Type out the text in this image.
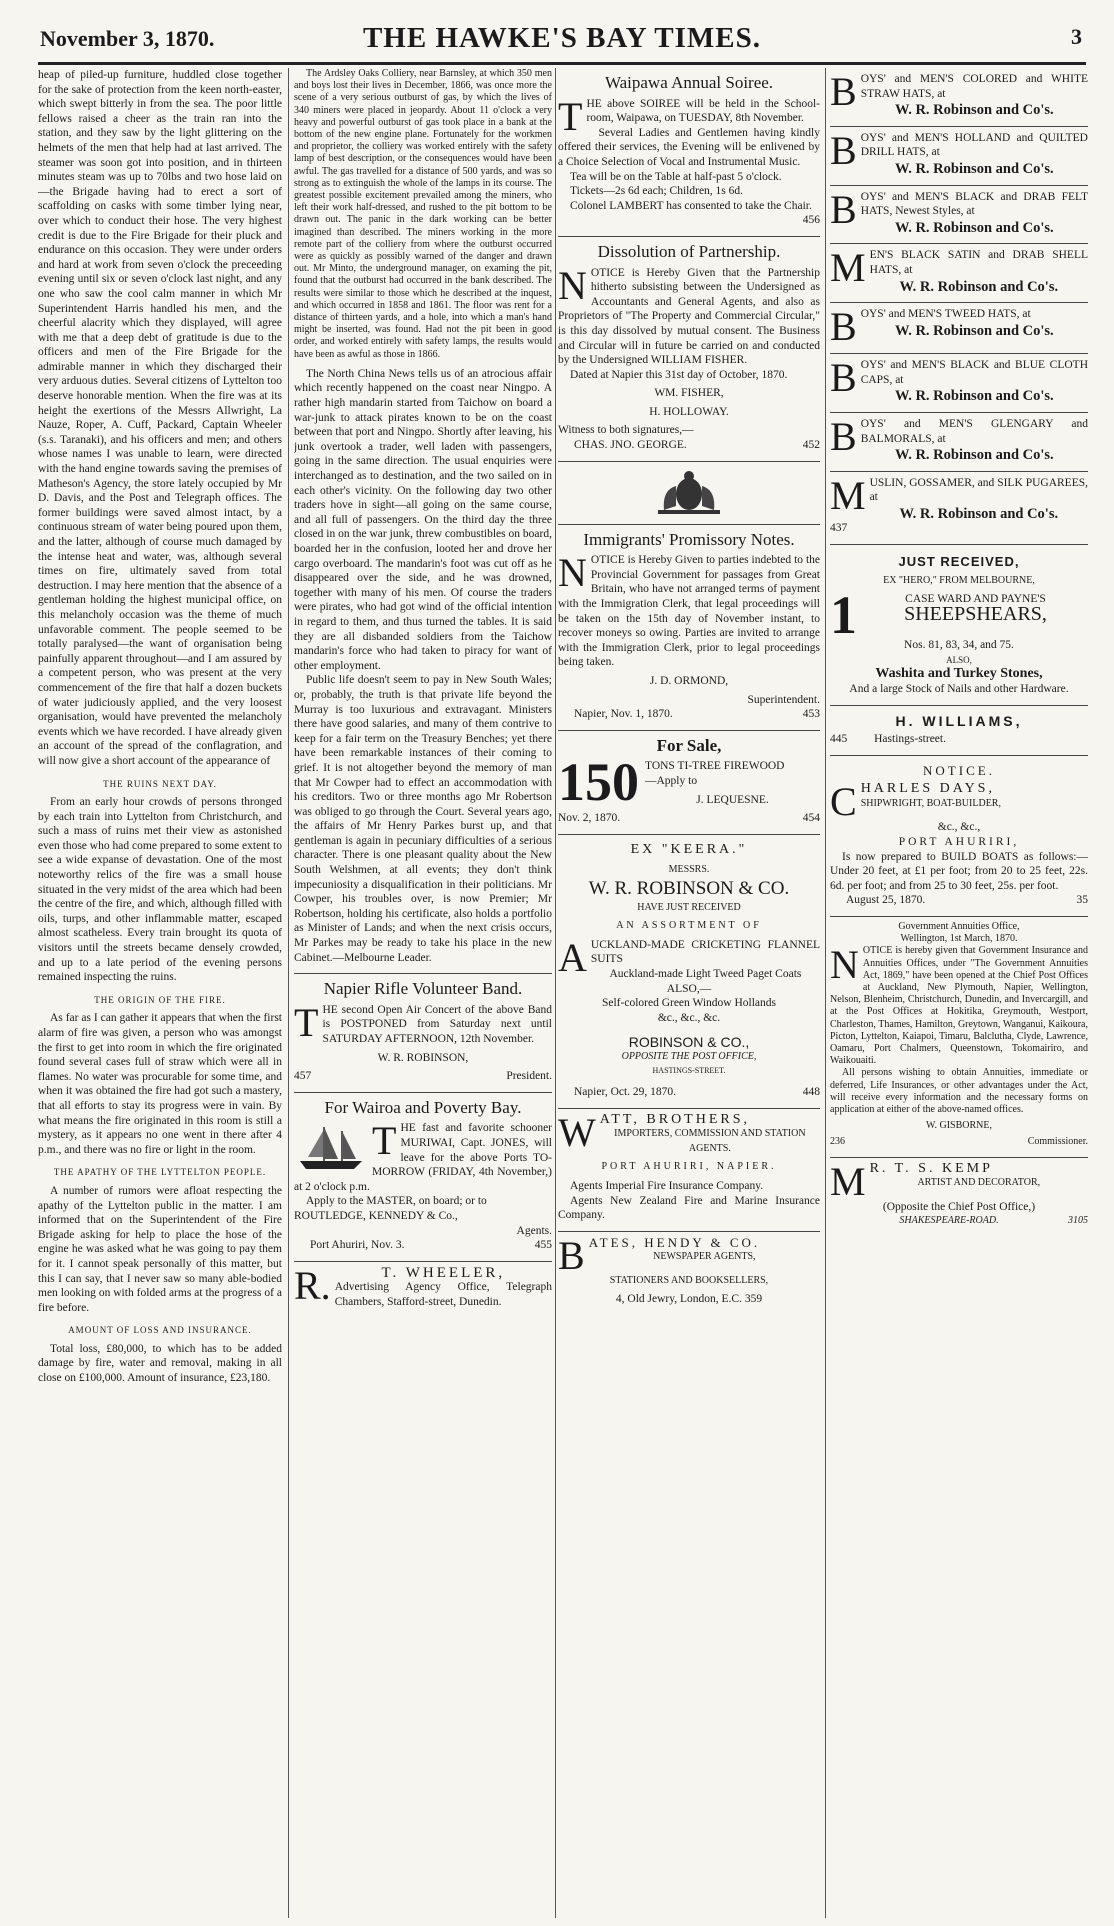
November 3, 1870.	THE HAWKE'S BAY TIMES.	3

heap of piled-up furniture, huddled close together for the sake of protection from the keen north-easter, which swept bitterly in from the sea. The poor little fellows raised a cheer as the train ran into the station, and they saw by the light glittering on the helmets of the men that help had at last arrived. The steamer was soon got into position, and in thirteen minutes steam was up to 70lbs and two hose laid on—the Brigade having had to erect a sort of scaffolding on casks with some timber lying near, over which to conduct their hose. The very highest credit is due to the Fire Brigade for their pluck and endurance on this occasion. They were under orders and hard at work from seven o'clock the preceeding evening until six or seven o'clock last night, and any one who saw the cool calm manner in which Mr Superintendent Harris handled his men, and the cheerful alacrity which they displayed, will agree with me that a deep debt of gratitude is due to the officers and men of the Fire Brigade for the admirable manner in which they discharged their very arduous duties. Several citizens of Lyttelton too deserve honorable mention. When the fire was at its height the exertions of the Messrs Allwright, La Nauze, Roper, A. Cuff, Packard, Captain Wheeler (s.s. Taranaki), and his officers and men; and others whose names I was unable to learn, were directed with the hand engine towards saving the premises of Matheson's Agency, the store lately occupied by Mr D. Davis, and the Post and Telegraph offices. The former buildings were saved almost intact, by a continuous stream of water being poured upon them, and the latter, although of course much damaged by the intense heat and water, was, although several times on fire, ultimately saved from total destruction. I may here mention that the absence of a gentleman holding the highest municipal office, on this melancholy occasion was the theme of much unfavorable comment. The people seemed to be totally paralysed—the want of organisation being painfully apparent throughout—and I am assured by a competent person, who was present at the very commencement of the fire that half a dozen buckets of water judiciously applied, and the very loosest organisation, would have prevented the melancholy events which we have recorded. I have already given an account of the spread of the conflagration, and will now give a short account of the appearance of

THE RUINS NEXT DAY.

From an early hour crowds of persons thronged by each train into Lyttelton from Christchurch, and such a mass of ruins met their view as astonished even those who had come prepared to some extent to see a wide expanse of devastation. One of the most noteworthy relics of the fire was a small house situated in the very midst of the area which had been the centre of the fire, and which, although filled with oils, turps, and other inflammable matter, escaped almost scatheless. Every train brought its quota of visitors until the streets became densely crowded, and up to a late period of the evening persons remained inspecting the ruins.

THE ORIGIN OF THE FIRE.

As far as I can gather it appears that when the first alarm of fire was given, a person who was amongst the first to get into room in which the fire originated found several cases full of straw which were all in flames. No water was procurable for some time, and when it was obtained the fire had got such a mastery, that all efforts to stay its progress were in vain. By what means the fire originated in this room is still a mystery, as it appears no one went in there after 4 p.m., and there was no fire or light in the room.

THE APATHY OF THE LYTTELTON PEOPLE.

A number of rumors were afloat respecting the apathy of the Lyttelton public in the matter. I am informed that on the Superintendent of the Fire Brigade asking for help to place the hose of the engine he was asked what he was going to pay them for it. I cannot speak personally of this matter, but this I can say, that I never saw so many able-bodied men looking on with folded arms at the progress of a fire before.

AMOUNT OF LOSS AND INSURANCE.

Total loss, £80,000, to which has to be added damage by fire, water and removal, making in all close on £100,000. Amount of insurance, £23,180.

The Ardsley Oaks Colliery, near Barnsley, at which 350 men and boys lost their lives in December, 1866, was once more the scene of a very serious outburst of gas, by which the lives of 340 miners were placed in jeopardy. About 11 o'clock a very heavy and powerful outburst of gas took place in a bank at the bottom of the new engine plane. Fortunately for the workmen and proprietor, the colliery was worked entirely with the safety lamp of best description, or the consequences would have been awful. The gas travelled for a distance of 500 yards, and was so strong as to extinguish the whole of the lamps in its course. The greatest possible excitement prevailed among the miners, who left their work half-dressed, and rushed to the pit bottom to be drawn out. The panic in the dark working can be better imagined than described. The miners working in the more remote part of the colliery from where the outburst occurred were as quickly as possibly warned of the danger and drawn out. Mr Minto, the underground manager, on examing the pit, found that the outburst had occurred in the bank described. The results were similar to those which he described at the inquest, and which occurred in 1858 and 1861. The floor was rent for a distance of thirteen yards, and a hole, into which a man's hand might be inserted, was found. Had not the pit been in good order, and worked entirely with safety lamps, the results would have been as awful as those in 1866.

The North China News tells us of an atrocious affair which recently happened on the coast near Ningpo. A rather high mandarin started from Taichow on board a war-junk to attack pirates known to be on the coast between that port and Ningpo. Shortly after leaving, his junk overtook a trader, well laden with passengers, going in the same direction. The usual enquiries were interchanged as to destination, and the two sailed on in each other's vicinity. On the following day two other traders hove in sight—all going on the same course, and all full of passengers. On the third day the three closed in on the war junk, threw combustibles on board, boarded her in the confusion, looted her and drove her cargo overboard. The mandarin's foot was cut off as he disappeared over the side, and he was drowned, together with many of his men. Of course the traders were pirates, who had got wind of the official intention in regard to them, and thus turned the tables. It is said they are all disbanded soldiers from the Taichow mandarin's force who had taken to piracy for want of other employment.

Public life doesn't seem to pay in New South Wales; or, probably, the truth is that private life beyond the Murray is too luxurious and extravagant. Ministers there have good salaries, and many of them contrive to keep for a fair term on the Treasury Benches; yet there have been remarkable instances of their coming to grief. It is not altogether beyond the memory of man that Mr Cowper had to effect an accommodation with his creditors. Two or three months ago Mr Robertson was obliged to go through the Court. Several years ago, the affairs of Mr Henry Parkes burst up, and that gentleman is again in pecuniary difficulties of a serious character. There is one pleasant quality about the New South Welshmen, at all events; they don't think impecuniosity a disqualification in their politicians. Mr Cowper, his troubles over, is now Premier; Mr Robertson, holding his certificate, also holds a portfolio as Minister of Lands; and when the next crisis occurs, Mr Parkes may be ready to take his place in the new Cabinet.—Melbourne Leader.

Napier Rifle Volunteer Band.
T HE second Open Air Concert of the above Band is POSTPONED from Saturday next until SATURDAY AFTERNOON, 12th November.
W. R. ROBINSON,
457	President.
For Wairoa and Poverty Bay.
T HE fast and favorite schooner MURIWAI, Capt. JONES, will leave for the above Ports TO-MORROW (FRIDAY, 4th November,) at 2 o'clock p.m.
Apply to the MASTER, on board; or to
ROUTLEDGE, KENNEDY & Co.,
Agents.
Port Ahuriri, Nov. 3.	455
R.	T. WHEELER,
Advertising Agency Office, Telegraph Chambers, Stafford-street, Dunedin.
Waipawa Annual Soiree.
T HE above SOIREE will be held in the School-room, Waipawa, on TUESDAY, 8th November.

Several Ladies and Gentlemen having kindly offered their services, the Evening will be enlivened by a Choice Selection of Vocal and Instrumental Music.

Tea will be on the Table at half-past 5 o'clock.

Tickets—2s 6d each; Children, 1s 6d.

Colonel LAMBERT has consented to take the Chair.

456
Dissolution of Partnership.
N OTICE is Hereby Given that the Partnership hitherto subsisting between the Undersigned as Accountants and General Agents, and also as Proprietors of "The Property and Commercial Circular," is this day dissolved by mutual consent. The Business and Circular will in future be carried on and conducted by the Undersigned WILLIAM FISHER.

Dated at Napier this 31st day of October, 1870.

WM. FISHER,
H. HOLLOWAY.
Witness to both signatures,—
CHAS. JNO. GEORGE.	452
Immigrants' Promissory Notes.
N OTICE is Hereby Given to parties indebted to the Provincial Government for passages from Great Britain, who have not arranged terms of payment with the Immigration Clerk, that legal proceedings will be taken on the 15th day of November instant, to recover moneys so owing. Parties are invited to arrange with the Immigration Clerk, prior to legal proceedings being taken.
J. D. ORMOND,
Superintendent.
Napier, Nov. 1, 1870.	453
For Sale,
150 TONS TI-TREE FIREWOOD
—Apply to
J. LEQUESNE.
Nov. 2, 1870.	454
EX "KEERA."
MESSRS.
W. R. ROBINSON & CO.
HAVE JUST RECEIVED
AN ASSORTMENT OF
A UCKLAND-MADE CRICKETING FLANNEL SUITS
Auckland-made Light Tweed Paget Coats
ALSO,—
Self-colored Green Window Hollands
&c., &c., &c.
ROBINSON & CO.,
OPPOSITE THE POST OFFICE,
HASTINGS-STREET.
Napier, Oct. 29, 1870.	448
W ATT, BROTHERS,
IMPORTERS, COMMISSION AND STATION AGENTS.
PORT AHURIRI, NAPIER.

Agents Imperial Fire Insurance Company.

Agents New Zealand Fire and Marine Insurance Company.

B ATES, HENDY & CO.
NEWSPAPER AGENTS,
STATIONERS AND BOOKSELLERS,
4, Old Jewry, London, E.C. 359
BOYS' and MEN'S COLORED and WHITE STRAW HATS, at
W. R. Robinson and Co's.
BOYS' and MEN'S HOLLAND and QUILTED DRILL HATS, at
W. R. Robinson and Co's.
BOYS' and MEN'S BLACK and DRAB FELT HATS, Newest Styles, at
W. R. Robinson and Co's.
MEN'S BLACK SATIN and DRAB SHELL HATS, at
W. R. Robinson and Co's.
BOYS' and MEN'S TWEED HATS, at
W. R. Robinson and Co's.
BOYS' and MEN'S BLACK and BLUE CLOTH CAPS, at
W. R. Robinson and Co's.
BOYS' and MEN'S GLENGARY and BALMORALS, at
W. R. Robinson and Co's.
MUSLIN, GOSSAMER, and SILK PUGAREES, at
W. R. Robinson and Co's.
437
JUST RECEIVED,
EX "HERO," FROM MELBOURNE,
1	CASE WARD AND PAYNE'S
SHEEPSHEARS,
Nos. 81, 83, 34, and 75.
ALSO,
Washita and Turkey Stones,
And a large Stock of Nails and other Hardware.
H. WILLIAMS,
445 Hastings-street.
NOTICE.
C HARLES DAYS,
SHIPWRIGHT, BOAT-BUILDER,
&c., &c.,
PORT AHURIRI,

Is now prepared to BUILD BOATS as follows:—Under 20 feet, at £1 per foot; from 20 to 25 feet, 22s. 6d. per foot; and from 25 to 30 feet, 25s. per foot.

August 25, 1870.	35
Government Annuities Office,
Wellington, 1st March, 1870.
N OTICE is hereby given that Government Insurance and Annuities Offices, under "The Government Annuities Act, 1869," have been opened at the Chief Post Offices at Auckland, New Plymouth, Napier, Wellington, Nelson, Blenheim, Christchurch, Dunedin, and Invercargill, and at the Post Offices at Hokitika, Greymouth, Westport, Charleston, Thames, Hamilton, Greytown, Wanganui, Kaikoura, Picton, Lyttelton, Kaiapoi, Timaru, Balclutha, Clyde, Lawrence, Oamaru, Port Chalmers, Queenstown, Tokomairiro, and Waikouaiti.

All persons wishing to obtain Annuities, immediate or deferred, Life Insurances, or other advantages under the Act, will receive every information and the necessary forms on application at either of the above-named offices.

W. GISBORNE,
236	Commissioner.
M R. T. S. KEMP
ARTIST AND DECORATOR,
(Opposite the Chief Post Office,)
SHAKESPEARE-ROAD.	3105
